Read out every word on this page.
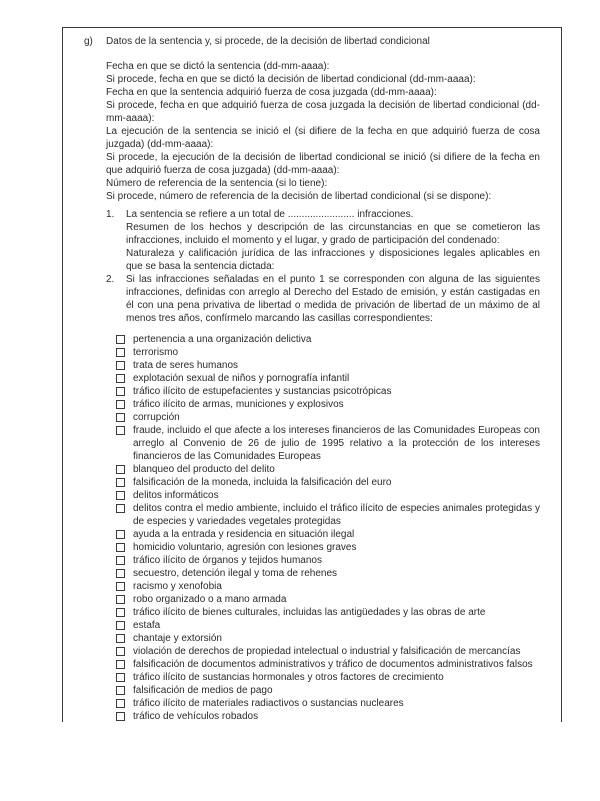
g)	Datos de la sentencia y, si procede, de la decisión de libertad condicional

Fecha en que se dictó la sentencia (dd-mm-aaaa):

Si procede, fecha en que se dictó la decisión de libertad condicional (dd-mm-aaaa):

Fecha en que la sentencia adquirió fuerza de cosa juzgada (dd-mm-aaaa):

Si procede, fecha en que adquirió fuerza de cosa juzgada la decisión de libertad condicional (dd-mm-aaaa):

La ejecución de la sentencia se inició el (si difiere de la fecha en que adquirió fuerza de cosa juzgada) (dd-mm-aaaa):

Si procede, la ejecución de la decisión de libertad condicional se inició (si difiere de la fecha en que adquirió fuerza de cosa juzgada) (dd-mm-aaaa):

Número de referencia de la sentencia (si lo tiene):

Si procede, número de referencia de la decisión de libertad condicional (si se dispone):

1.	La sentencia se refiere a un total de ........................ infracciones.

Resumen de los hechos y descripción de las circunstancias en que se cometieron las infracciones, incluido el momento y el lugar, y grado de participación del condenado:

Naturaleza y calificación jurídica de las infracciones y disposiciones legales aplicables en que se basa la sentencia dictada:

2.	Si las infracciones señaladas en el punto 1 se corresponden con alguna de las siguientes infracciones, definidas con arreglo al Derecho del Estado de emisión, y están castigadas en él con una pena privativa de libertad o medida de privación de libertad de un máximo de al menos tres años, confírmelo marcando las casillas correspondientes:

pertenencia a una organización delictiva
terrorismo
trata de seres humanos
explotación sexual de niños y pornografía infantil
tráfico ilícito de estupefacientes y sustancias psicotrópicas
tráfico ilícito de armas, municiones y explosivos
corrupción
fraude, incluido el que afecte a los intereses financieros de las Comunidades Europeas con arreglo al Convenio de 26 de julio de 1995 relativo a la protección de los intereses financieros de las Comunidades Europeas
blanqueo del producto del delito
falsificación de la moneda, incluida la falsificación del euro
delitos informáticos
delitos contra el medio ambiente, incluido el tráfico ilícito de especies animales protegidas y de especies y variedades vegetales protegidas
ayuda a la entrada y residencia en situación ilegal
homicidio voluntario, agresión con lesiones graves
tráfico ilícito de órganos y tejidos humanos
secuestro, detención ilegal y toma de rehenes
racismo y xenofobia
robo organizado o a mano armada
tráfico ilícito de bienes culturales, incluidas las antigüedades y las obras de arte
estafa
chantaje y extorsión
violación de derechos de propiedad intelectual o industrial y falsificación de mercancías
falsificación de documentos administrativos y tráfico de documentos administrativos falsos
tráfico ilícito de sustancias hormonales y otros factores de crecimiento
falsificación de medios de pago
tráfico ilícito de materiales radiactivos o sustancias nucleares
tráfico de vehículos robados
